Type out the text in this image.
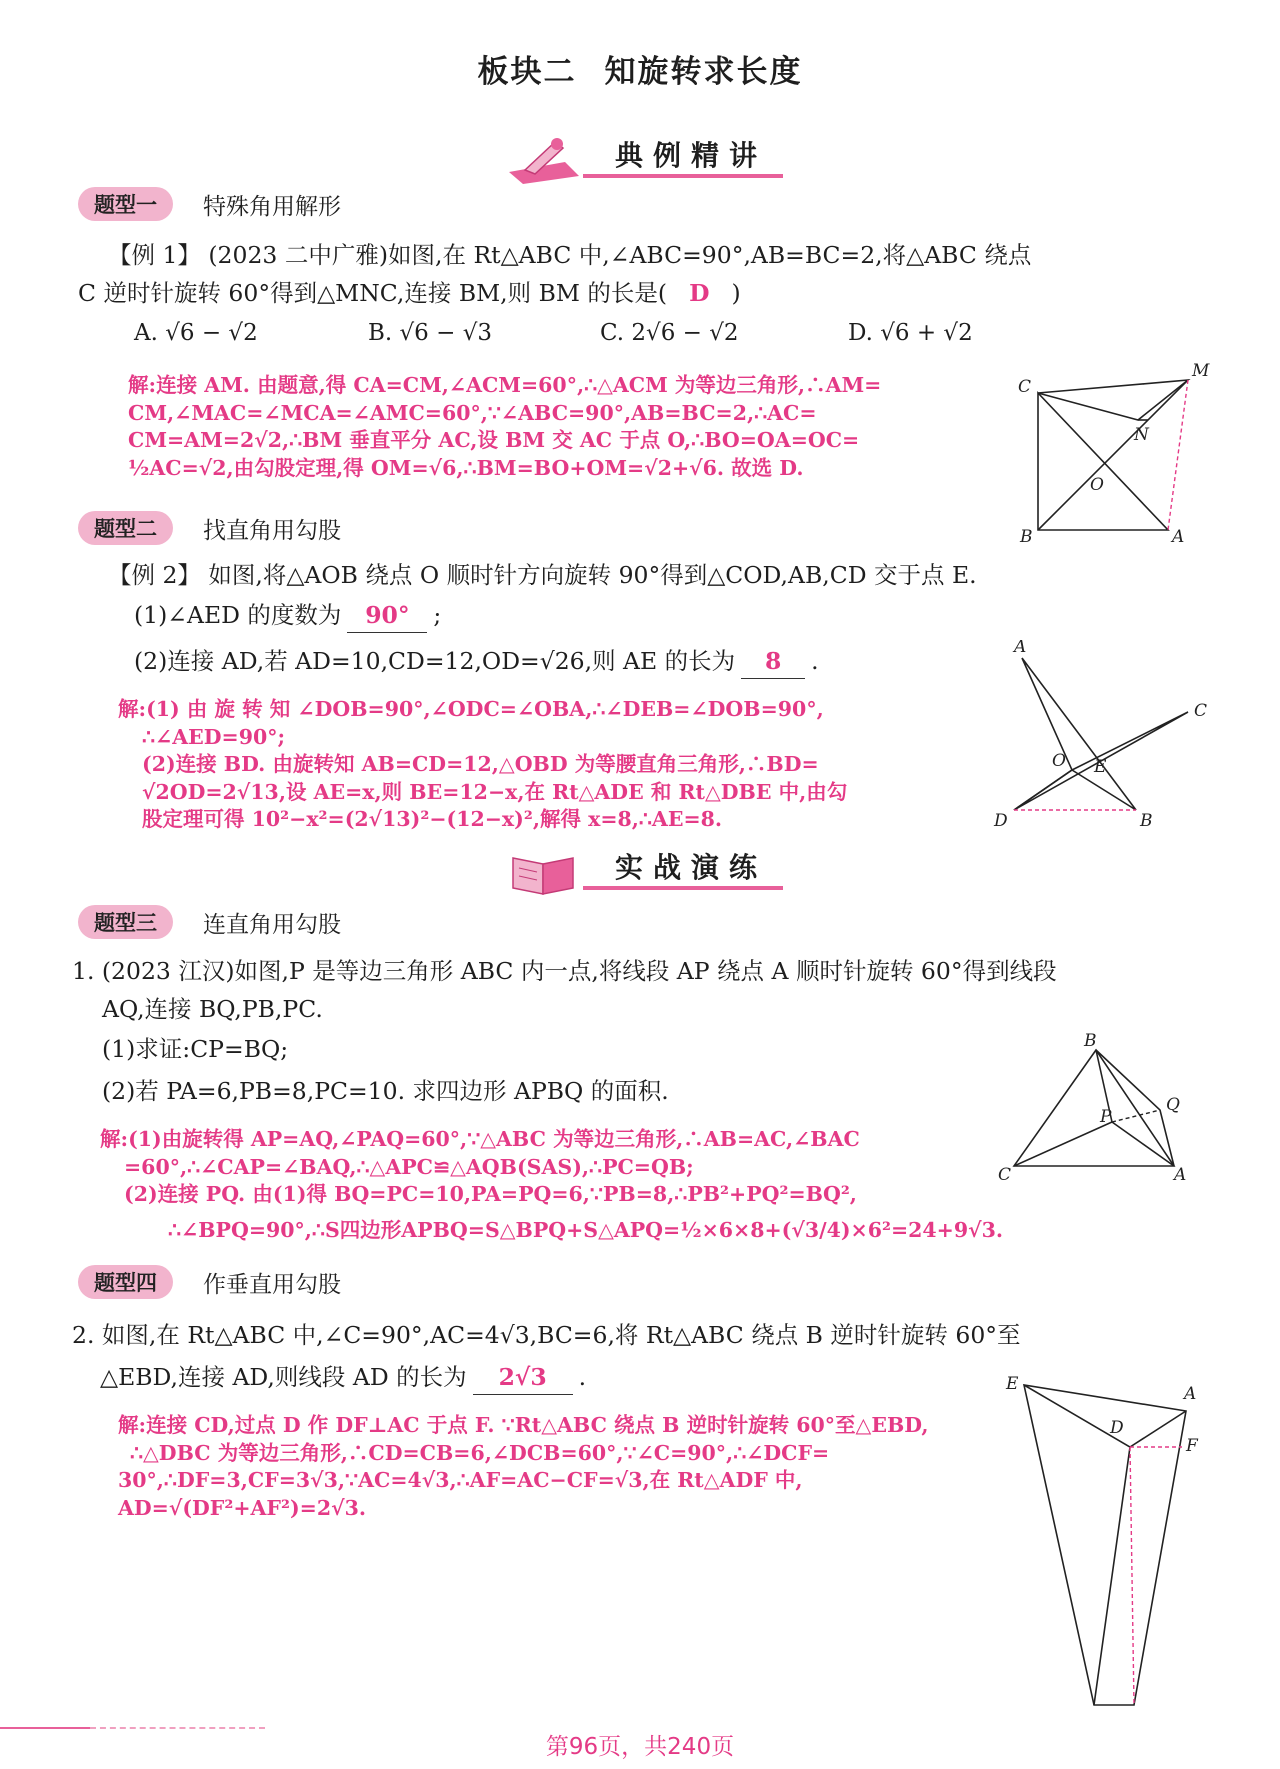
板块二 知旋转求长度
典例精讲
题型一	特殊角用解形
【例 1】 (2023 二中广雅)如图,在 Rt△ABC 中,∠ABC=90°,AB=BC=2,将△ABC 绕点
C 逆时针旋转 60°得到△MNC,连接 BM,则 BM 的长是( D )
A. √6 − √2	B. √6 − √3	C. 2√6 − √2	D. √6 + √2
解:连接 AM. 由题意,得 CA=CM,∠ACM=60°,∴△ACM 为等边三角形,∴AM=
CM,∠MAC=∠MCA=∠AMC=60°,∵∠ABC=90°,AB=BC=2,∴AC=
CM=AM=2√2,∴BM 垂直平分 AC,设 BM 交 AC 于点 O,∴BO=OA=OC=
½AC=√2,由勾股定理,得 OM=√6,∴BM=BO+OM=√2+√6. 故选 D.
M
C
N
O
B	A
题型二	找直角用勾股
【例 2】 如图,将△AOB 绕点 O 顺时针方向旋转 90°得到△COD,AB,CD 交于点 E.
(1)∠AED 的度数为 90° ;
(2)连接 AD,若 AD=10,CD=12,OD=√26,则 AE 的长为 8 .
解:(1) 由 旋 转 知 ∠DOB=90°,∠ODC=∠OBA,∴∠DEB=∠DOB=90°,
∴∠AED=90°;
(2)连接 BD. 由旋转知 AB=CD=12,△OBD 为等腰直角三角形,∴BD=
√2OD=2√13,设 AE=x,则 BE=12−x,在 Rt△ADE 和 Rt△DBE 中,由勾
股定理可得 10²−x²=(2√13)²−(12−x)²,解得 x=8,∴AE=8.
A
C
O E
D	B
实战演练
题型三	连直角用勾股
1. (2023 江汉)如图,P 是等边三角形 ABC 内一点,将线段 AP 绕点 A 顺时针旋转 60°得到线段
AQ,连接 BQ,PB,PC.
(1)求证:CP=BQ;
(2)若 PA=6,PB=8,PC=10. 求四边形 APBQ 的面积.
解:(1)由旋转得 AP=AQ,∠PAQ=60°,∵△ABC 为等边三角形,∴AB=AC,∠BAC
=60°,∴∠CAP=∠BAQ,∴△APC≌△AQB(SAS),∴PC=QB;
(2)连接 PQ. 由(1)得 BQ=PC=10,PA=PQ=6,∵PB=8,∴PB²+PQ²=BQ²,
∴∠BPQ=90°,∴S四边形APBQ=S△BPQ+S△APQ=½×6×8+(√3/4)×6²=24+9√3.
B
Q
P
C	A
题型四	作垂直用勾股
2. 如图,在 Rt△ABC 中,∠C=90°,AC=4√3,BC=6,将 Rt△ABC 绕点 B 逆时针旋转 60°至
△EBD,连接 AD,则线段 AD 的长为 2√3 .
解:连接 CD,过点 D 作 DF⊥AC 于点 F. ∵Rt△ABC 绕点 B 逆时针旋转 60°至△EBD,
∴△DBC 为等边三角形,∴CD=CB=6,∠DCB=60°,∵∠C=90°,∴∠DCF=
30°,∴DF=3,CF=3√3,∵AC=4√3,∴AF=AC−CF=√3,在 Rt△ADF 中,
AD=√(DF²+AF²)=2√3.
E	A
D
F
第96页，共240页
